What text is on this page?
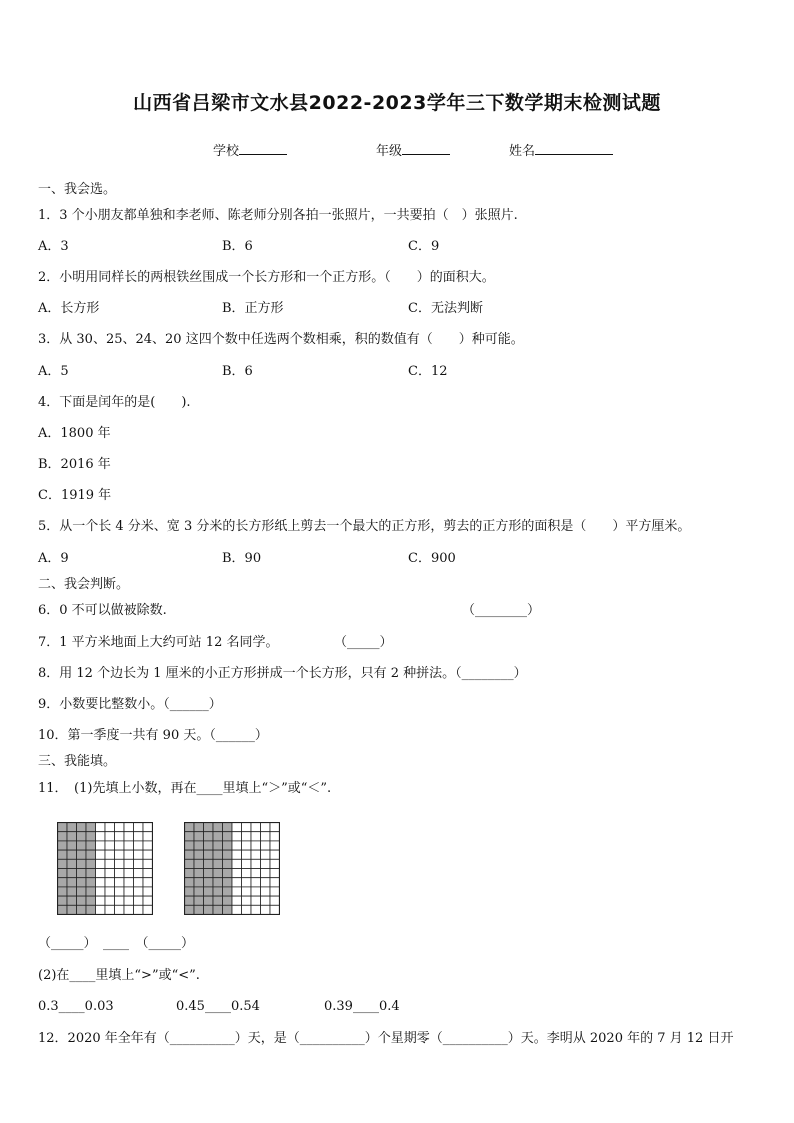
山西省吕梁市文水县2022-2023学年三下数学期末检测试题
学校	年级	姓名
一、我会选。
1．3 个小朋友都单独和李老师、陈老师分别各拍一张照片，一共要拍（　）张照片.
A．3	B．6	C．9
2．小明用同样长的两根铁丝围成一个长方形和一个正方形。（　　）的面积大。
A．长方形	B．正方形	C．无法判断
3．从 30、25、24、20 这四个数中任选两个数相乘，积的数值有（　　）种可能。
A．5	B．6	C．12
4．下面是闰年的是(　　).
A．1800 年
B．2016 年
C．1919 年
5．从一个长 4 分米、宽 3 分米的长方形纸上剪去一个最大的正方形，剪去的正方形的面积是（　　）平方厘米。
A．9	B．90	C．900
二、我会判断。
6．0 不可以做被除数.	（________）
7．1 平方米地面上大约可站 12 名同学。	（_____）
8．用 12 个边长为 1 厘米的小正方形拼成一个长方形，只有 2 种拼法。（________）
9．小数要比整数小。（______）
10．第一季度一共有 90 天。（______）
三、我能填。
11．　(1)先填上小数，再在____里填上“＞”或“＜”.
（_____）　____　（_____）
(2)在____里填上“>”或“<”.
0.3____0.03	0.45____0.54	0.39____0.4
12．2020 年全年有（__________）天，是（__________）个星期零（__________）天。李明从 2020 年的 7 月 12 日开
